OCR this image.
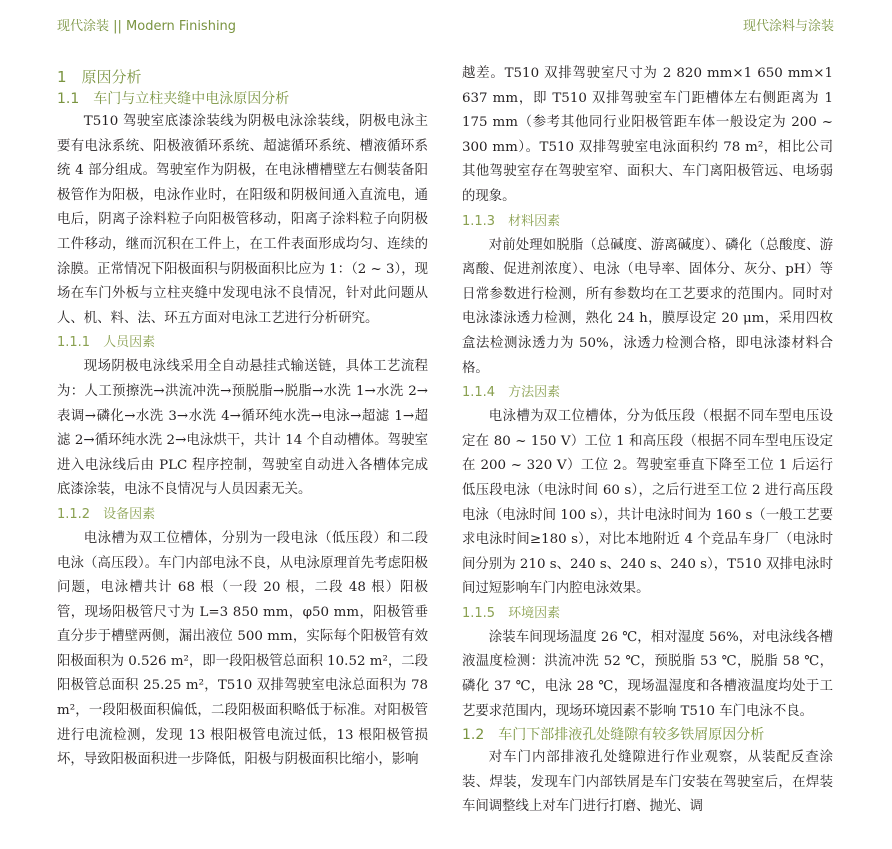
现代涂装 || Modern Finishing	现代涂料与涂装
1　原因分析
1.1　车门与立柱夹缝中电泳原因分析

T510 驾驶室底漆涂装线为阴极电泳涂装线，阴极电泳主要有电泳系统、阳极液循环系统、超滤循环系统、槽液循环系统 4 部分组成。驾驶室作为阴极，在电泳槽槽壁左右侧装备阳极管作为阳极，电泳作业时，在阳级和阴极间通入直流电，通电后，阴离子涂料粒子向阳极管移动，阳离子涂料粒子向阴极工件移动，继而沉积在工件上，在工件表面形成均匀、连续的涂膜。正常情况下阳极面积与阴极面积比应为 1：（2 ~ 3），现场在车门外板与立柱夹缝中发现电泳不良情况，针对此问题从人、机、料、法、环五方面对电泳工艺进行分析研究。

1.1.1　人员因素

现场阴极电泳线采用全自动悬挂式输送链，具体工艺流程为：人工预擦洗→洪流冲洗→预脱脂→脱脂→水洗 1→水洗 2→表调→磷化→水洗 3→水洗 4→循环纯水洗→电泳→超滤 1→超滤 2→循环纯水洗 2→电泳烘干，共计 14 个自动槽体。驾驶室进入电泳线后由 PLC 程序控制，驾驶室自动进入各槽体完成底漆涂装，电泳不良情况与人员因素无关。

1.1.2　设备因素

电泳槽为双工位槽体，分别为一段电泳（低压段）和二段电泳（高压段）。车门内部电泳不良，从电泳原理首先考虑阳极问题，电泳槽共计 68 根（一段 20 根，二段 48 根）阳极管，现场阳极管尺寸为 L=3 850 mm，φ50 mm，阳极管垂直分步于槽壁两侧，漏出液位 500 mm，实际每个阳极管有效阳极面积为 0.526 m²，即一段阳极管总面积 10.52 m²，二段阳极管总面积 25.25 m²，T510 双排驾驶室电泳总面积为 78 m²，一段阳极面积偏低，二段阳极面积略低于标准。对阳极管进行电流检测，发现 13 根阳极管电流过低，13 根阳极管损坏，导致阳极面积进一步降低，阳极与阴极面积比缩小，影响

越差。T510 双排驾驶室尺寸为 2 820 mm×1 650 mm×1 637 mm，即 T510 双排驾驶室车门距槽体左右侧距离为 1 175 mm（参考其他同行业阳极管距车体一般设定为 200 ~ 300 mm）。T510 双排驾驶室电泳面积约 78 m²，相比公司其他驾驶室存在驾驶室窄、面积大、车门离阳极管远、电场弱的现象。

1.1.3　材料因素

对前处理如脱脂（总碱度、游离碱度）、磷化（总酸度、游离酸、促进剂浓度）、电泳（电导率、固体分、灰分、pH）等日常参数进行检测，所有参数均在工艺要求的范围内。同时对电泳漆泳透力检测，熟化 24 h，膜厚设定 20 μm，采用四枚盒法检测泳透力为 50%，泳透力检测合格，即电泳漆材料合格。

1.1.4　方法因素

电泳槽为双工位槽体，分为低压段（根据不同车型电压设定在 80 ~ 150 V）工位 1 和高压段（根据不同车型电压设定在 200 ~ 320 V）工位 2。驾驶室垂直下降至工位 1 后运行低压段电泳（电泳时间 60 s），之后行进至工位 2 进行高压段电泳（电泳时间 100 s），共计电泳时间为 160 s（一般工艺要求电泳时间≥180 s），对比本地附近 4 个竞品车身厂（电泳时间分别为 210 s、240 s、240 s、240 s），T510 双排电泳时间过短影响车门内腔电泳效果。

1.1.5　环境因素

涂装车间现场温度 26 ℃，相对湿度 56%，对电泳线各槽液温度检测：洪流冲洗 52 ℃，预脱脂 53 ℃，脱脂 58 ℃，磷化 37 ℃，电泳 28 ℃，现场温湿度和各槽液温度均处于工艺要求范围内，现场环境因素不影响 T510 车门电泳不良。

1.2　车门下部排液孔处缝隙有较多铁屑原因分析

对车门内部排液孔处缝隙进行作业观察，从装配反查涂装、焊装，发现车门内部铁屑是车门安装在驾驶室后，在焊装车间调整线上对车门进行打磨、抛光、调
